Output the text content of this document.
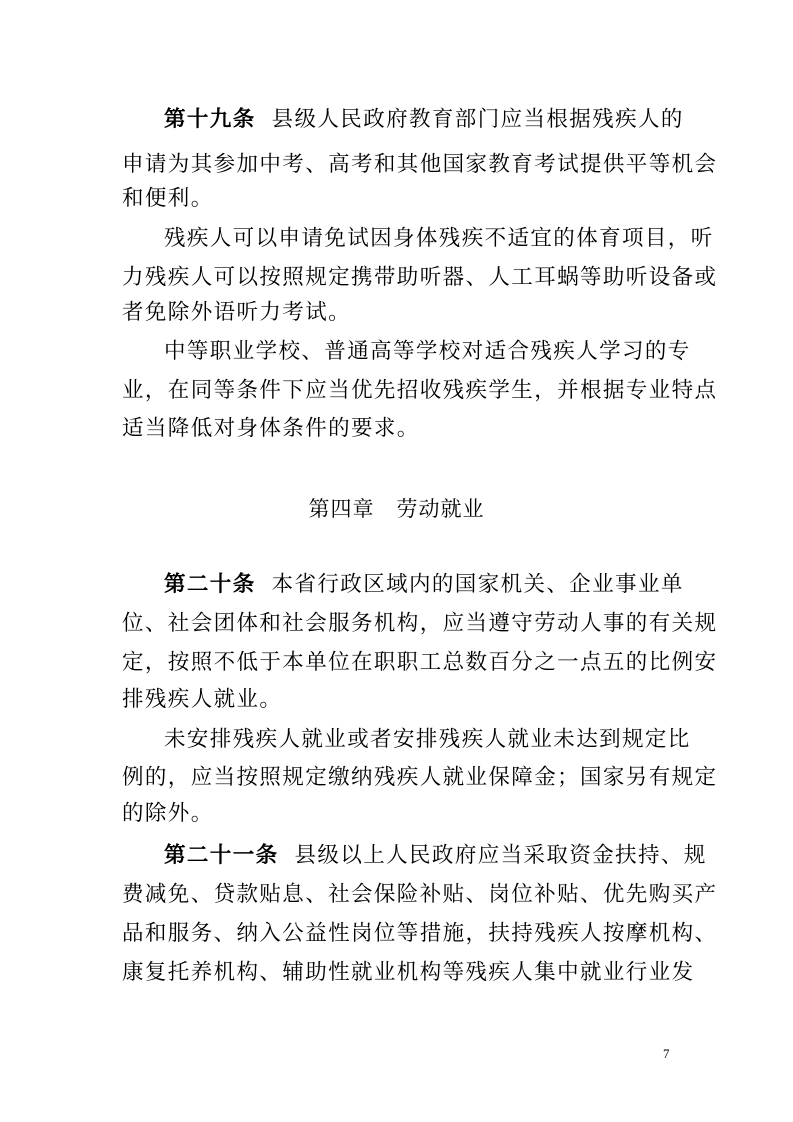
第十九条 县级人民政府教育部门应当根据残疾人的
申请为其参加中考、高考和其他国家教育考试提供平等机会
和便利。
残疾人可以申请免试因身体残疾不适宜的体育项目，听
力残疾人可以按照规定携带助听器、人工耳蜗等助听设备或
者免除外语听力考试。
中等职业学校、普通高等学校对适合残疾人学习的专
业，在同等条件下应当优先招收残疾学生，并根据专业特点
适当降低对身体条件的要求。
第四章 劳动就业
第二十条 本省行政区域内的国家机关、企业事业单
位、社会团体和社会服务机构，应当遵守劳动人事的有关规
定，按照不低于本单位在职职工总数百分之一点五的比例安
排残疾人就业。
未安排残疾人就业或者安排残疾人就业未达到规定比
例的，应当按照规定缴纳残疾人就业保障金；国家另有规定
的除外。
第二十一条 县级以上人民政府应当采取资金扶持、规
费减免、贷款贴息、社会保险补贴、岗位补贴、优先购买产
品和服务、纳入公益性岗位等措施，扶持残疾人按摩机构、
康复托养机构、辅助性就业机构等残疾人集中就业行业发
7
